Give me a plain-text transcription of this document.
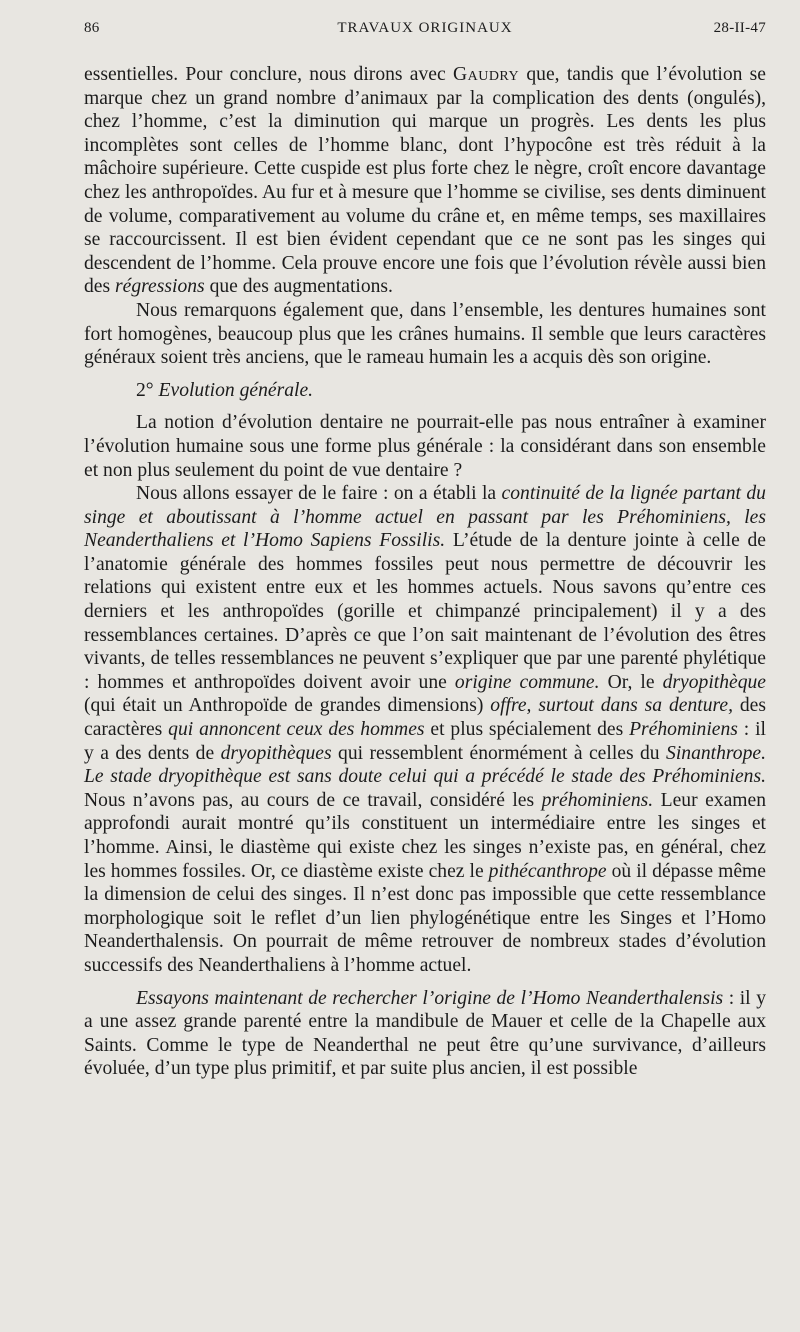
86	TRAVAUX ORIGINAUX	28-II-47

essentielles. Pour conclure, nous dirons avec Gaudry que, tandis que l’évolution se marque chez un grand nombre d’animaux par la complication des dents (ongulés), chez l’homme, c’est la diminution qui marque un progrès. Les dents les plus incomplètes sont celles de l’homme blanc, dont l’hypocône est très réduit à la mâchoire supérieure. Cette cuspide est plus forte chez le nègre, croît encore davantage chez les anthropoïdes. Au fur et à mesure que l’homme se civilise, ses dents diminuent de volume, comparativement au volume du crâne et, en même temps, ses maxillaires se raccourcissent. Il est bien évident cependant que ce ne sont pas les singes qui descendent de l’homme. Cela prouve encore une fois que l’évolution révèle aussi bien des régressions que des augmentations.

Nous remarquons également que, dans l’ensemble, les dentures humaines sont fort homogènes, beaucoup plus que les crânes humains. Il semble que leurs caractères généraux soient très anciens, que le rameau humain les a acquis dès son origine.

2° Evolution générale.

La notion d’évolution dentaire ne pourrait-elle pas nous entraîner à examiner l’évolution humaine sous une forme plus générale : la considérant dans son ensemble et non plus seulement du point de vue dentaire ?

Nous allons essayer de le faire : on a établi la continuité de la lignée partant du singe et aboutissant à l’homme actuel en passant par les Préhominiens, les Neanderthaliens et l’Homo Sapiens Fossilis. L’étude de la denture jointe à celle de l’anatomie générale des hommes fossiles peut nous permettre de découvrir les relations qui existent entre eux et les hommes actuels. Nous savons qu’entre ces derniers et les anthropoïdes (gorille et chimpanzé principalement) il y a des ressemblances certaines. D’après ce que l’on sait maintenant de l’évolution des êtres vivants, de telles ressemblances ne peuvent s’expliquer que par une parenté phylétique : hommes et anthropoïdes doivent avoir une origine commune. Or, le dryopithèque (qui était un Anthropoïde de grandes dimensions) offre, surtout dans sa denture, des caractères qui annoncent ceux des hommes et plus spécialement des Préhominiens : il y a des dents de dryopithèques qui ressemblent énormément à celles du Sinanthrope. Le stade dryopithèque est sans doute celui qui a précédé le stade des Préhominiens. Nous n’avons pas, au cours de ce travail, considéré les préhominiens. Leur examen approfondi aurait montré qu’ils constituent un intermédiaire entre les singes et l’homme. Ainsi, le diastème qui existe chez les singes n’existe pas, en général, chez les hommes fossiles. Or, ce diastème existe chez le pithécanthrope où il dépasse même la dimension de celui des singes. Il n’est donc pas impossible que cette ressemblance morphologique soit le reflet d’un lien phylogénétique entre les Singes et l’Homo Neanderthalensis. On pourrait de même retrouver de nombreux stades d’évolution successifs des Neanderthaliens à l’homme actuel.

Essayons maintenant de rechercher l’origine de l’Homo Neanderthalensis : il y a une assez grande parenté entre la mandibule de Mauer et celle de la Chapelle aux Saints. Comme le type de Neanderthal ne peut être qu’une survivance, d’ailleurs évoluée, d’un type plus primitif, et par suite plus ancien, il est possible
